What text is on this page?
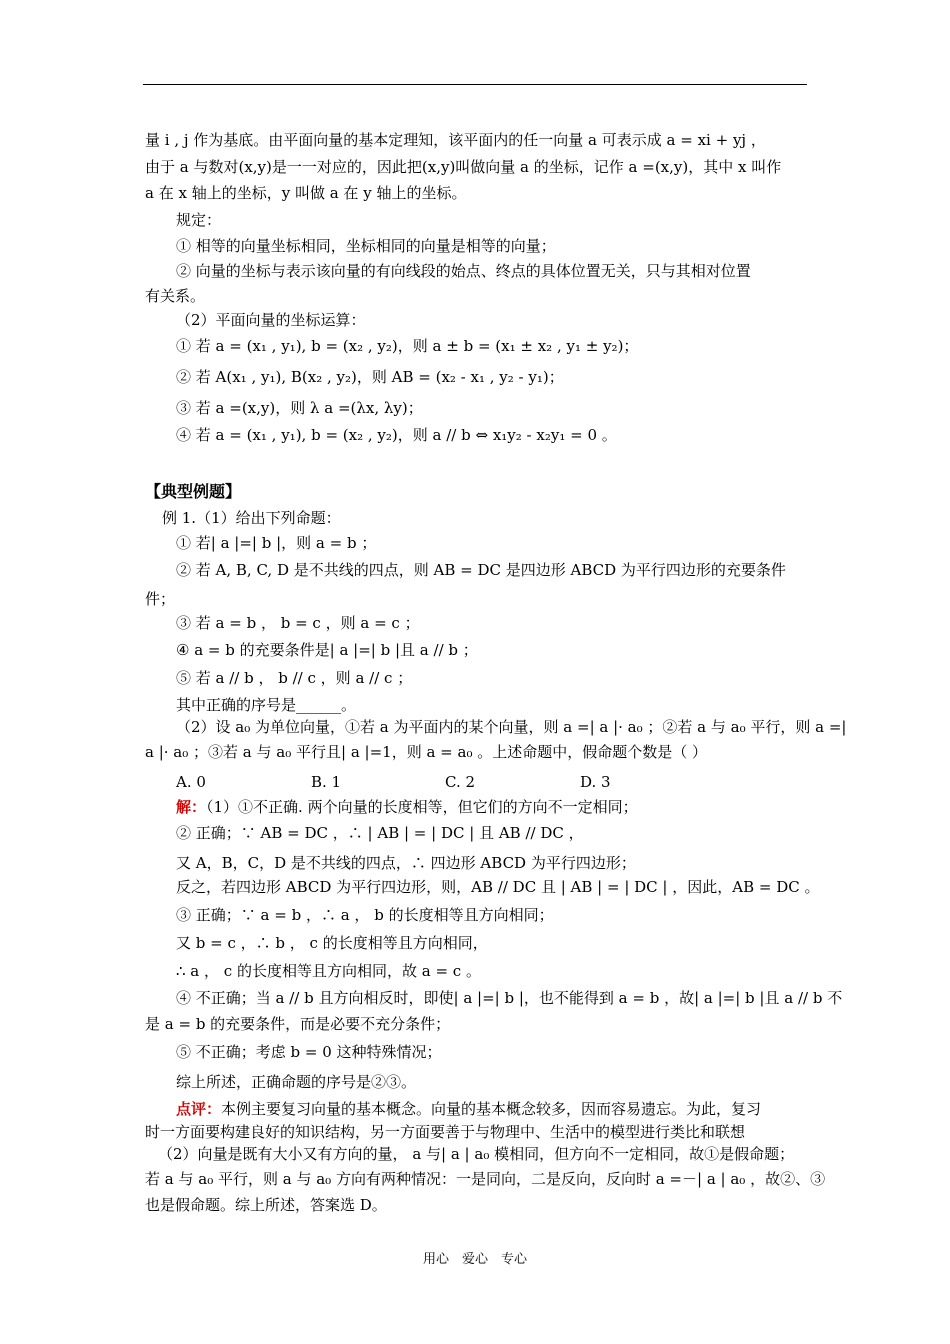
量 i , j 作为基底。由平面向量的基本定理知，该平面内的任一向量 a 可表示成 a = xi + yj ，
由于 a 与数对(x,y)是一一对应的，因此把(x,y)叫做向量 a 的坐标，记作 a =(x,y)，其中 x 叫作
a 在 x 轴上的坐标，y 叫做 a 在 y 轴上的坐标。
规定：
① 相等的向量坐标相同，坐标相同的向量是相等的向量；
② 向量的坐标与表示该向量的有向线段的始点、终点的具体位置无关，只与其相对位置
有关系。
（2）平面向量的坐标运算：
① 若 a = (x₁ , y₁), b = (x₂ , y₂)，则 a ± b = (x₁ ± x₂ , y₁ ± y₂)；
② 若 A(x₁ , y₁), B(x₂ , y₂)，则 AB = (x₂ - x₁ , y₂ - y₁)；
③ 若 a =(x,y)，则 λ a =(λx, λy)；
④ 若 a = (x₁ , y₁), b = (x₂ , y₂)，则 a // b ⇔ x₁y₂ - x₂y₁ = 0 。
【典型例题】
例 1.（1）给出下列命题：
① 若| a |=| b |，则 a = b ；
② 若 A, B, C, D 是不共线的四点，则 AB = DC 是四边形 ABCD 为平行四边形的充要条件
件；
③ 若 a = b ， b = c ，则 a = c ；
④ a = b 的充要条件是| a |=| b |且 a // b ；
⑤ 若 a // b ， b // c ，则 a // c ；
其中正确的序号是______。
（2）设 a₀ 为单位向量，①若 a 为平面内的某个向量，则 a =| a |· a₀ ；②若 a 与 a₀ 平行，则 a =|
a |· a₀ ；③若 a 与 a₀ 平行且| a |=1，则 a = a₀ 。上述命题中，假命题个数是（ ）
A. 0	B. 1	C. 2	D. 3
解：（1）①不正确. 两个向量的长度相等，但它们的方向不一定相同；
② 正确；∵ AB = DC ，∴ | AB | = | DC | 且 AB // DC ，
又 A，B，C，D 是不共线的四点，∴ 四边形 ABCD 为平行四边形；
反之，若四边形 ABCD 为平行四边形，则，AB // DC 且 | AB | = | DC | ，因此，AB = DC 。
③ 正确；∵ a = b ，∴ a ， b 的长度相等且方向相同；
又 b = c ，∴ b ， c 的长度相等且方向相同，
∴ a ， c 的长度相等且方向相同，故 a = c 。
④ 不正确；当 a // b 且方向相反时，即使| a |=| b |，也不能得到 a = b ，故| a |=| b |且 a // b 不
是 a = b 的充要条件，而是必要不充分条件；
⑤ 不正确；考虑 b = 0 这种特殊情况；
综上所述，正确命题的序号是②③。
点评：本例主要复习向量的基本概念。向量的基本概念较多，因而容易遗忘。为此，复习
时一方面要构建良好的知识结构，另一方面要善于与物理中、生活中的模型进行类比和联想
（2）向量是既有大小又有方向的量， a 与| a | a₀ 模相同，但方向不一定相同，故①是假命题；
若 a 与 a₀ 平行，则 a 与 a₀ 方向有两种情况：一是同向，二是反向，反向时 a =－| a | a₀ ，故②、③
也是假命题。综上所述，答案选 D。
用心　爱心　专心
